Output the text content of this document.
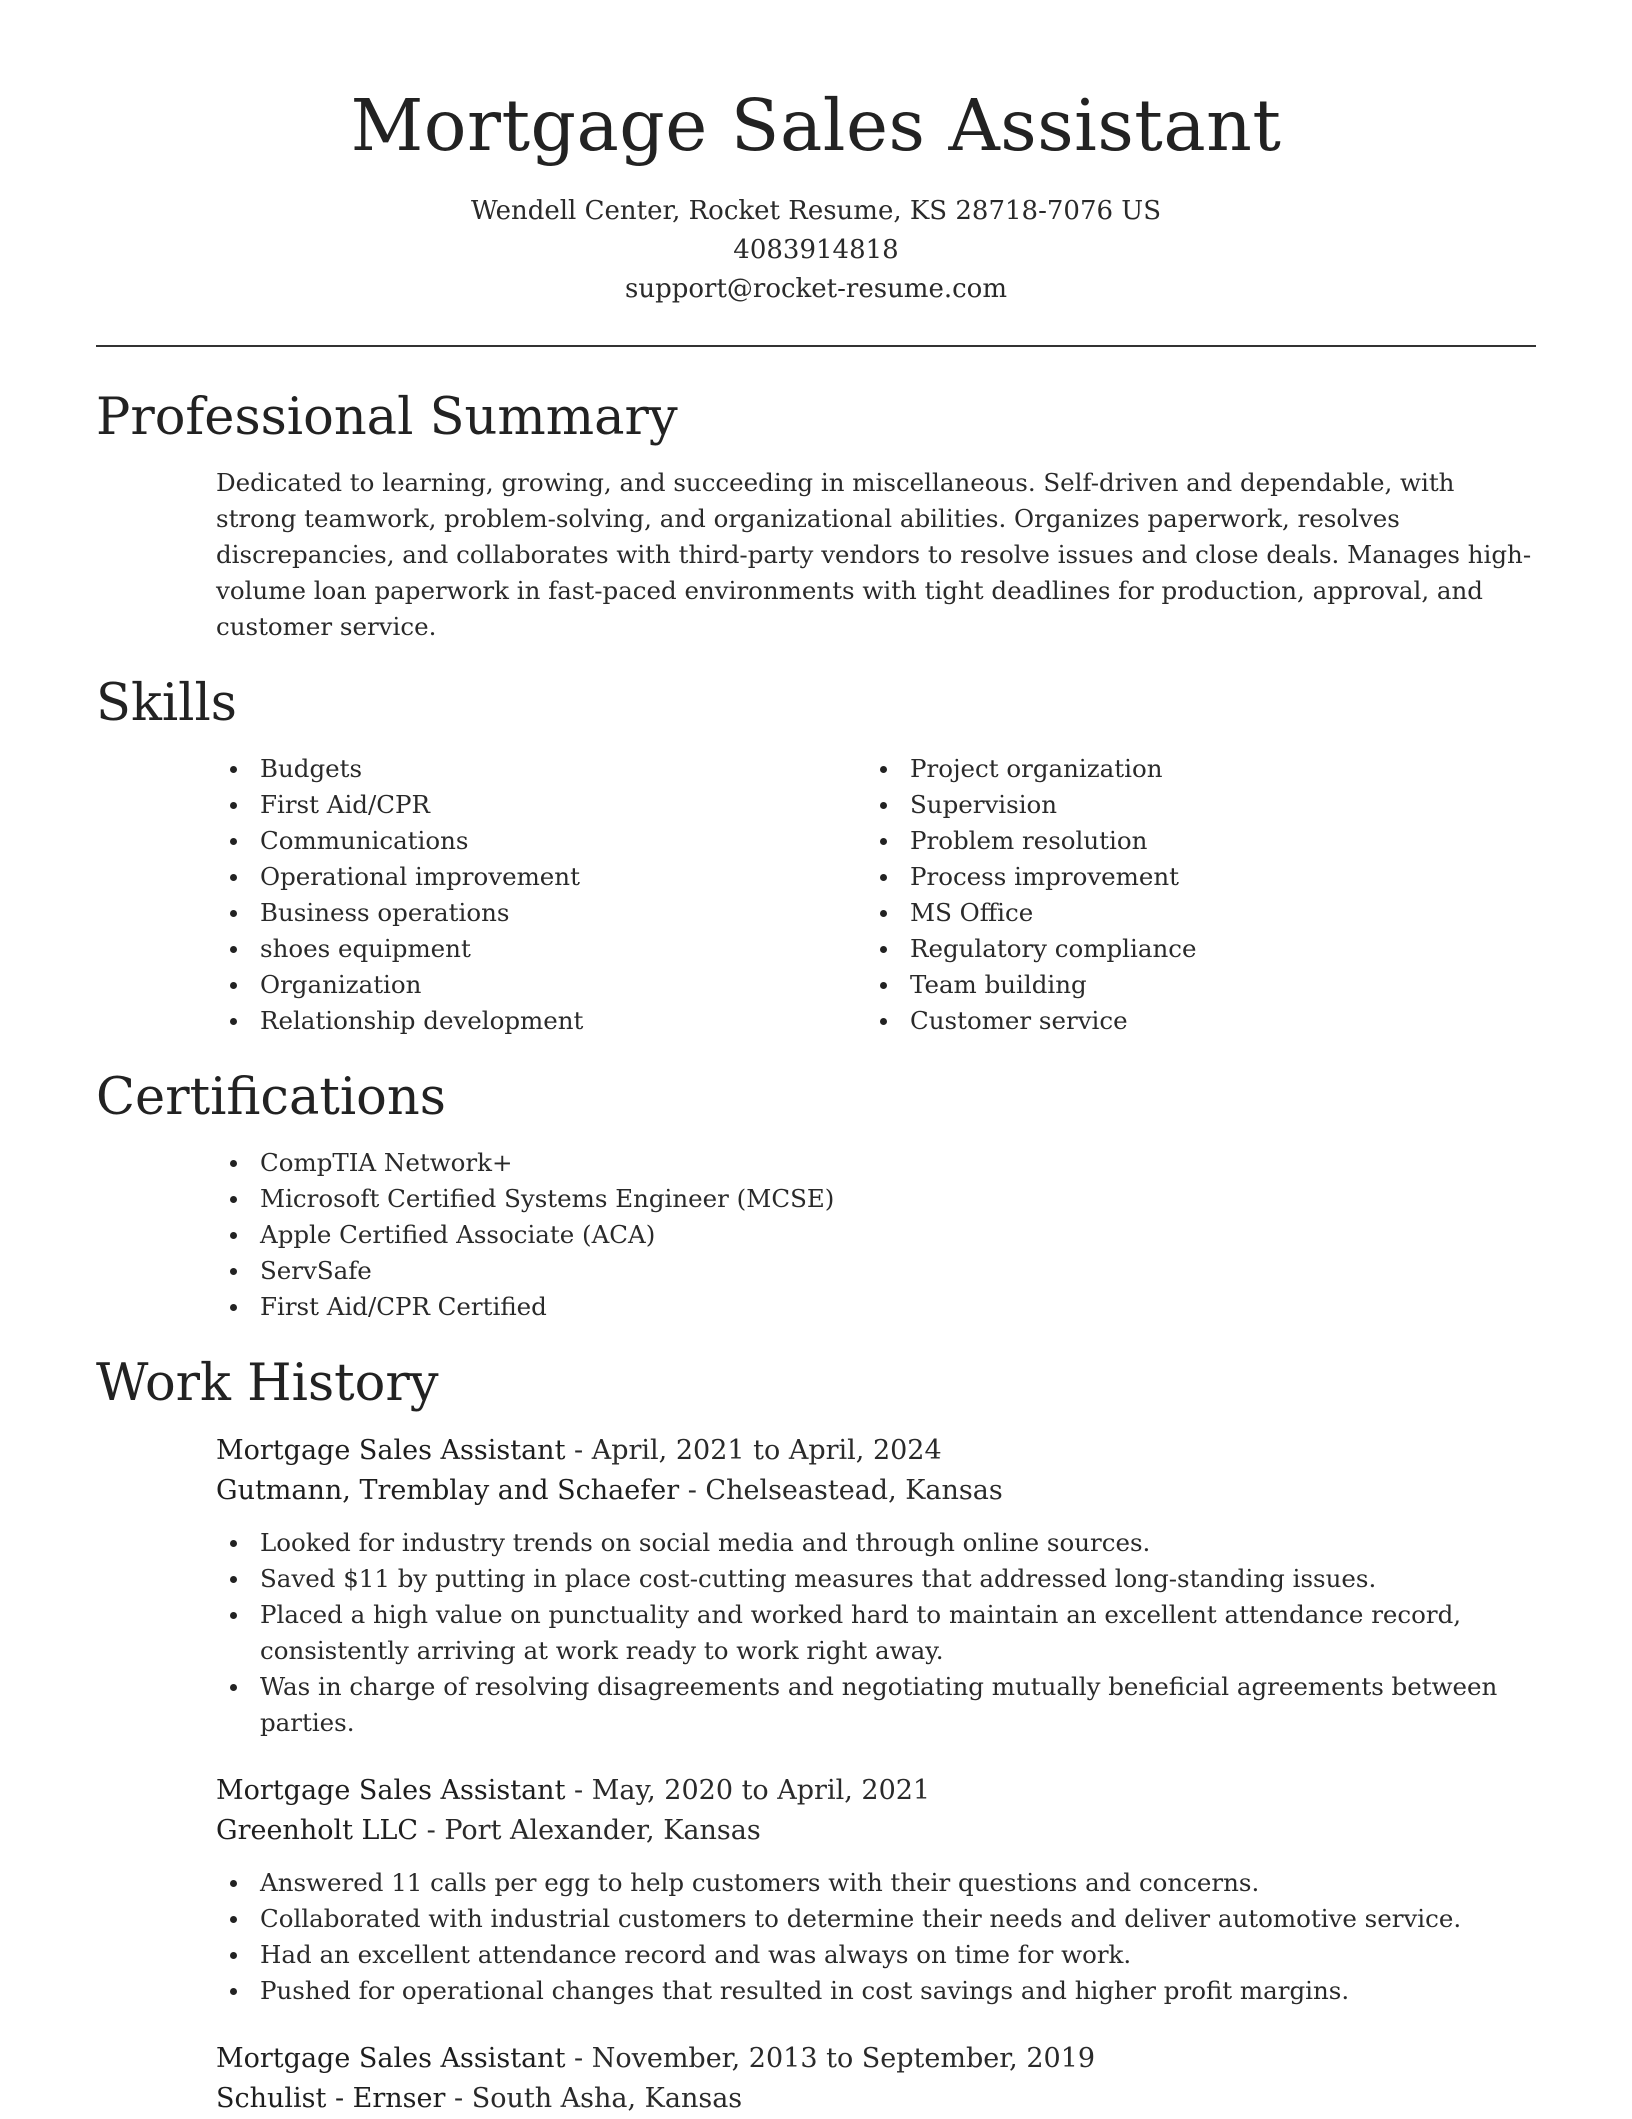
Mortgage Sales Assistant
Wendell Center, Rocket Resume, KS 28718-7076 US
4083914818
support@rocket-resume.com
Professional Summary
Dedicated to learning, growing, and succeeding in miscellaneous. Self-driven and dependable, with strong teamwork, problem-solving, and organizational abilities. Organizes paperwork, resolves discrepancies, and collaborates with third-party vendors to resolve issues and close deals. Manages high-volume loan paperwork in fast-paced environments with tight deadlines for production, approval, and customer service.
Skills
Budgets
First Aid/CPR
Communications
Operational improvement
Business operations
shoes equipment
Organization
Relationship development
Project organization
Supervision
Problem resolution
Process improvement
MS Office
Regulatory compliance
Team building
Customer service
Certifications
CompTIA Network+
Microsoft Certified Systems Engineer (MCSE)
Apple Certified Associate (ACA)
ServSafe
First Aid/CPR Certified
Work History
Mortgage Sales Assistant - April, 2021 to April, 2024
Gutmann, Tremblay and Schaefer - Chelseastead, Kansas
Looked for industry trends on social media and through online sources.
Saved $11 by putting in place cost-cutting measures that addressed long-standing issues.
Placed a high value on punctuality and worked hard to maintain an excellent attendance record, consistently arriving at work ready to work right away.
Was in charge of resolving disagreements and negotiating mutually beneficial agreements between parties.
Mortgage Sales Assistant - May, 2020 to April, 2021
Greenholt LLC - Port Alexander, Kansas
Answered 11 calls per egg to help customers with their questions and concerns.
Collaborated with industrial customers to determine their needs and deliver automotive service.
Had an excellent attendance record and was always on time for work.
Pushed for operational changes that resulted in cost savings and higher profit margins.
Mortgage Sales Assistant - November, 2013 to September, 2019
Schulist - Ernser - South Asha, Kansas
